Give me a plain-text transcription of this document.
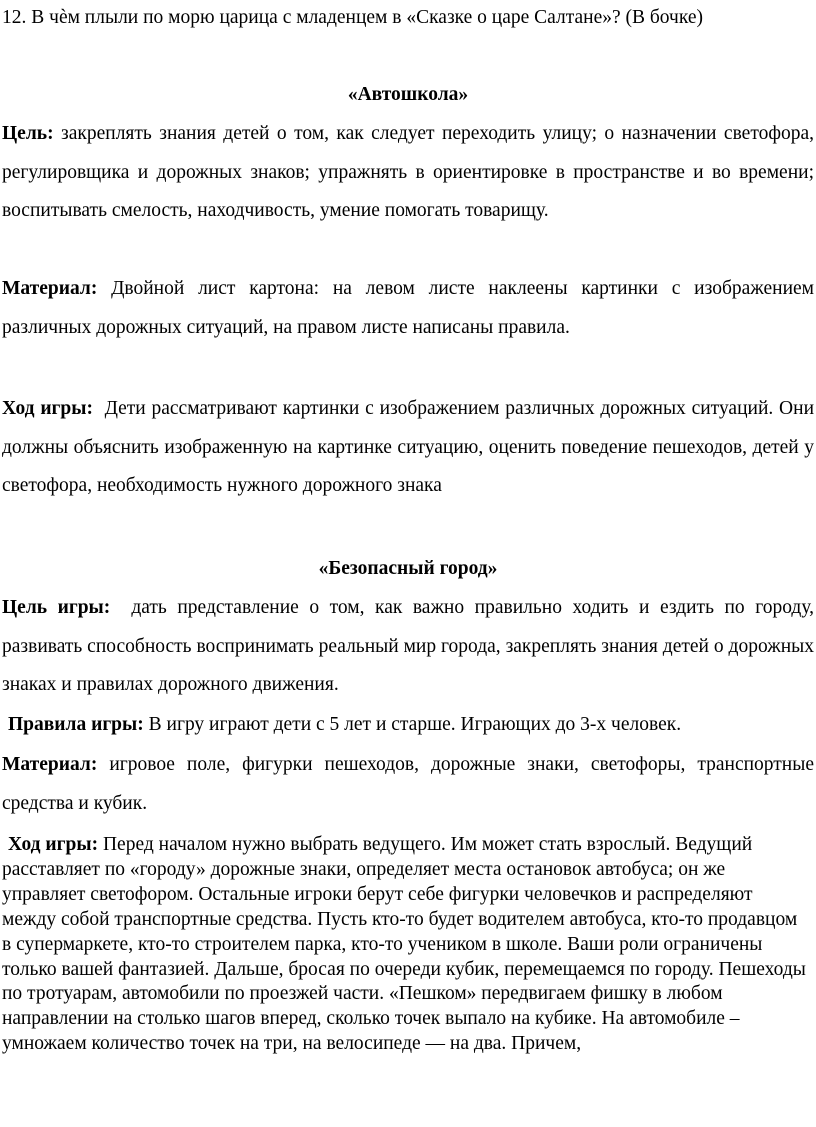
12. В чѐм плыли по морю царица с младенцем в «Сказке о царе Салтане»? (В бочке)

«Автошкола»

Цель: закреплять знания детей о том, как следует переходить улицу; о назначении светофора, регулировщика и дорожных знаков; упражнять в ориентировке в пространстве и во времени; воспитывать смелость, находчивость, умение помогать товарищу.

Материал: Двойной лист картона: на левом листе наклеены картинки с изображением различных дорожных ситуаций, на правом листе написаны правила.

Ход игры: Дети рассматривают картинки с изображением различных дорожных ситуаций. Они должны объяснить изображенную на картинке ситуацию, оценить поведение пешеходов, детей у светофора, необходимость нужного дорожного знака

«Безопасный город»

Цель игры: дать представление о том, как важно правильно ходить и ездить по городу, развивать способность воспринимать реальный мир города, закреплять знания детей о дорожных знаках и правилах дорожного движения.

Правила игры: В игру играют дети с 5 лет и старше. Играющих до 3-х человек.

Материал: игровое поле, фигурки пешеходов, дорожные знаки, светофоры, транспортные средства и кубик.

Ход игры: Перед началом нужно выбрать ведущего. Им может стать взрослый. Ведущий расставляет по «городу» дорожные знаки, определяет места остановок автобуса; он же управляет светофором. Остальные игроки берут себе фигурки человечков и распределяют между собой транспортные средства. Пусть кто-то будет водителем автобуса, кто-то продавцом в супермаркете, кто-то строителем парка, кто-то учеником в школе. Ваши роли ограничены только вашей фантазией. Дальше, бросая по очереди кубик, перемещаемся по городу. Пешеходы по тротуарам, автомобили по проезжей части. «Пешком» передвигаем фишку в любом направлении на столько шагов вперед, сколько точек выпало на кубике. На автомобиле – умножаем количество точек на три, на велосипеде — на два. Причем,
